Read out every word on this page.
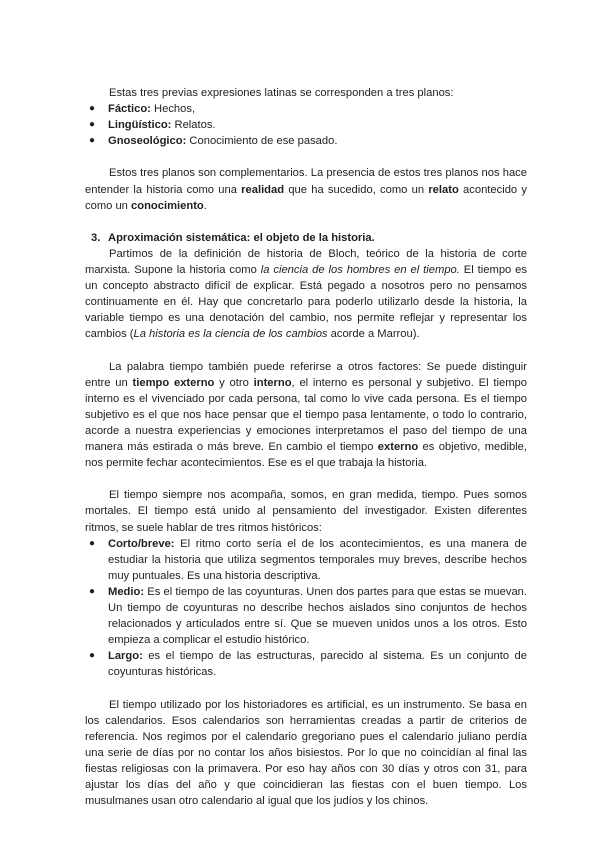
Estas tres previas expresiones latinas se corresponden a tres planos:

● Fáctico: Hechos,
● Lingüístico: Relatos.
● Gnoseológico: Conocimiento de ese pasado.

Estos tres planos son complementarios. La presencia de estos tres planos nos hace entender la historia como una realidad que ha sucedido, como un relato acontecido y como un conocimiento.

3. Aproximación sistemática: el objeto de la historia.

Partimos de la definición de historia de Bloch, teórico de la historia de corte marxista. Supone la historia como la ciencia de los hombres en el tiempo. El tiempo es un concepto abstracto difícil de explicar. Está pegado a nosotros pero no pensamos continuamente en él. Hay que concretarlo para poderlo utilizarlo desde la historia, la variable tiempo es una denotación del cambio, nos permite reflejar y representar los cambios (La historia es la ciencia de los cambios acorde a Marrou).

La palabra tiempo también puede referirse a otros factores: Se puede distinguir entre un tiempo externo y otro interno, el interno es personal y subjetivo. El tiempo interno es el vivenciado por cada persona, tal como lo vive cada persona. Es el tiempo subjetivo es el que nos hace pensar que el tiempo pasa lentamente, o todo lo contrario, acorde a nuestra experiencias y emociones interpretamos el paso del tiempo de una manera más estirada o más breve. En cambio el tiempo externo es objetivo, medible, nos permite fechar acontecimientos. Ese es el que trabaja la historia.

El tiempo siempre nos acompaña, somos, en gran medida, tiempo. Pues somos mortales. El tiempo está unido al pensamiento del investigador. Existen diferentes ritmos, se suele hablar de tres ritmos históricos:

● Corto/breve: El ritmo corto sería el de los acontecimientos, es una manera de estudiar la historia que utiliza segmentos temporales muy breves, describe hechos muy puntuales. Es una historia descriptiva.
● Medio: Es el tiempo de las coyunturas. Unen dos partes para que estas se muevan. Un tiempo de coyunturas no describe hechos aislados sino conjuntos de hechos relacionados y articulados entre sí. Que se mueven unidos unos a los otros. Esto empieza a complicar el estudio histórico.
● Largo: es el tiempo de las estructuras, parecido al sistema. Es un conjunto de coyunturas históricas.

El tiempo utilizado por los historiadores es artificial, es un instrumento. Se basa en los calendarios. Esos calendarios son herramientas creadas a partir de criterios de referencia. Nos regimos por el calendario gregoriano pues el calendario juliano perdía una serie de días por no contar los años bisiestos. Por lo que no coincidían al final las fiestas religiosas con la primavera. Por eso hay años con 30 días y otros con 31, para ajustar los días del año y que coincidieran las fiestas con el buen tiempo. Los musulmanes usan otro calendario al igual que los judíos y los chinos.
